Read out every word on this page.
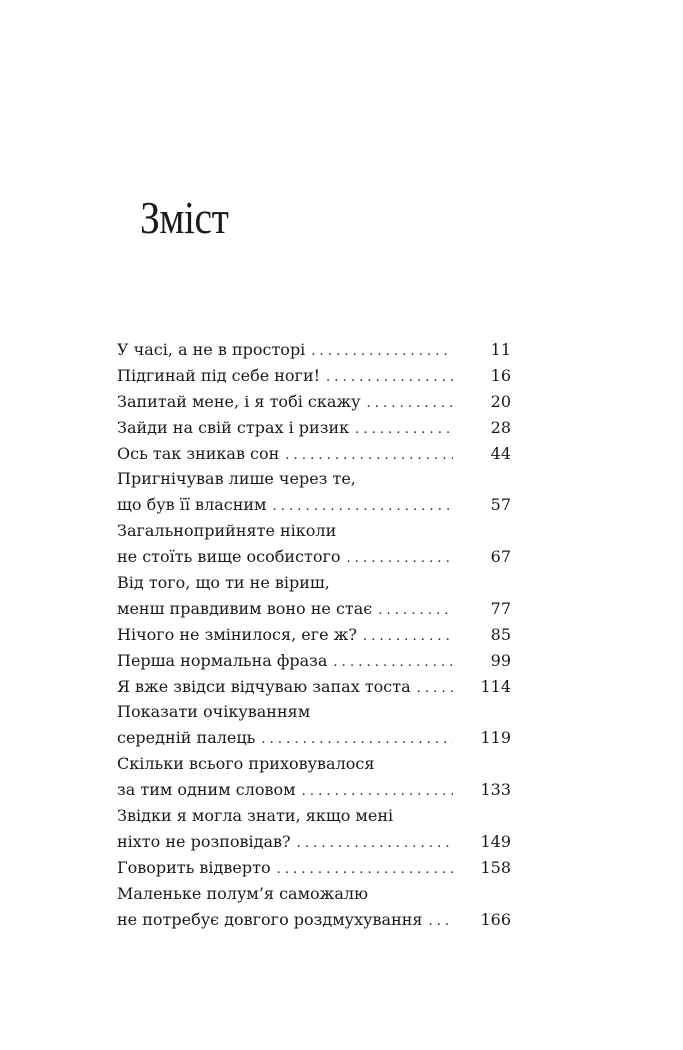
Зміст
У часі, а не в просторі . . .	11
Підгинай під себе ноги! . . .	16
Запитай мене, і я тобі скажу . . .	20
Зайди на свій страх і ризик . . .	28
Ось так зникав сон . . .	44
Пригнічував лише через те,
що був її власним . . .	57
Загальноприйняте ніколи
не стоїть вище особистого . . .	67
Від того, що ти не віриш,
менш правдивим воно не стає . . .	77
Нічого не змінилося, еге ж? . . .	85
Перша нормальна фраза . . .	99
Я вже звідси відчуваю запах тоста . . .	114
Показати очікуванням
середній палець . . .	119
Скільки всього приховувалося
за тим одним словом . . .	133
Звідки я могла знати, якщо мені
ніхто не розповідав? . . .	149
Говорить відверто . . .	158
Маленьке полум’я саможалю
не потребує довгого роздмухування . . .	166
